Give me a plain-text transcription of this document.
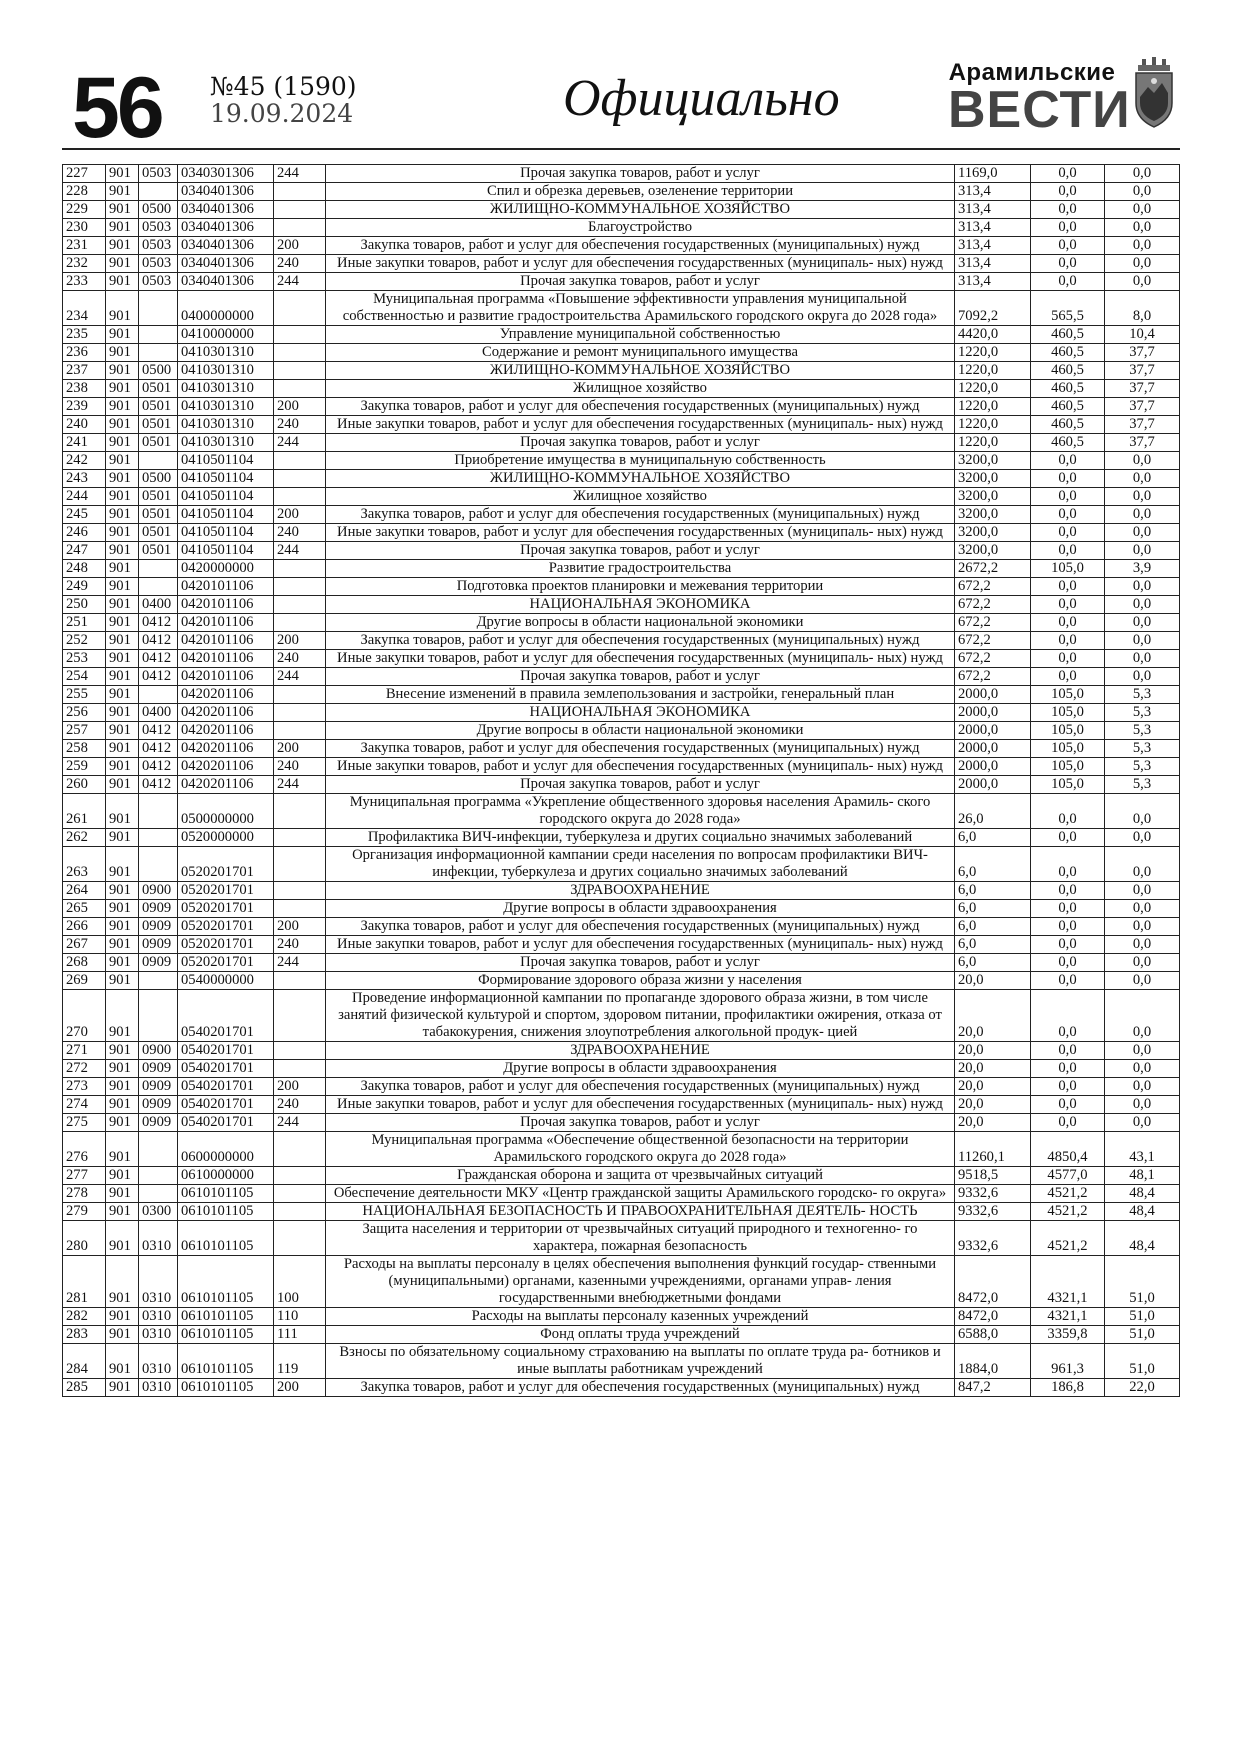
56 №45 (1590)
19.09.2024	Официально	Арамильские
ВЕСТИ
227	901	0503	0340301306	244	Прочая закупка товаров, работ и услуг	1169,0	0,0	0,0
228	901		0340401306		Спил и обрезка деревьев, озеленение территории	313,4	0,0	0,0
229	901	0500	0340401306		ЖИЛИЩНО-КОММУНАЛЬНОЕ ХОЗЯЙСТВО	313,4	0,0	0,0
230	901	0503	0340401306		Благоустройство	313,4	0,0	0,0
231	901	0503	0340401306	200	Закупка товаров, работ и услуг для обеспечения государственных (муниципальных) нужд	313,4	0,0	0,0
232	901	0503	0340401306	240	Иные закупки товаров, работ и услуг для обеспечения государственных (муниципаль- ных) нужд	313,4	0,0	0,0
233	901	0503	0340401306	244	Прочая закупка товаров, работ и услуг	313,4	0,0	0,0
234	901		0400000000		Муниципальная программа «Повышение эффективности управления муниципальной собственностью и развитие градостроительства Арамильского городского округа до 2028 года»	7092,2	565,5	8,0
235	901		0410000000		Управление муниципальной собственностью	4420,0	460,5	10,4
236	901		0410301310		Содержание и ремонт муниципального имущества	1220,0	460,5	37,7
237	901	0500	0410301310		ЖИЛИЩНО-КОММУНАЛЬНОЕ ХОЗЯЙСТВО	1220,0	460,5	37,7
238	901	0501	0410301310		Жилищное хозяйство	1220,0	460,5	37,7
239	901	0501	0410301310	200	Закупка товаров, работ и услуг для обеспечения государственных (муниципальных) нужд	1220,0	460,5	37,7
240	901	0501	0410301310	240	Иные закупки товаров, работ и услуг для обеспечения государственных (муниципаль- ных) нужд	1220,0	460,5	37,7
241	901	0501	0410301310	244	Прочая закупка товаров, работ и услуг	1220,0	460,5	37,7
242	901		0410501104		Приобретение имущества в муниципальную собственность	3200,0	0,0	0,0
243	901	0500	0410501104		ЖИЛИЩНО-КОММУНАЛЬНОЕ ХОЗЯЙСТВО	3200,0	0,0	0,0
244	901	0501	0410501104		Жилищное хозяйство	3200,0	0,0	0,0
245	901	0501	0410501104	200	Закупка товаров, работ и услуг для обеспечения государственных (муниципальных) нужд	3200,0	0,0	0,0
246	901	0501	0410501104	240	Иные закупки товаров, работ и услуг для обеспечения государственных (муниципаль- ных) нужд	3200,0	0,0	0,0
247	901	0501	0410501104	244	Прочая закупка товаров, работ и услуг	3200,0	0,0	0,0
248	901		0420000000		Развитие градостроительства	2672,2	105,0	3,9
249	901		0420101106		Подготовка проектов планировки и межевания территории	672,2	0,0	0,0
250	901	0400	0420101106		НАЦИОНАЛЬНАЯ ЭКОНОМИКА	672,2	0,0	0,0
251	901	0412	0420101106		Другие вопросы в области национальной экономики	672,2	0,0	0,0
252	901	0412	0420101106	200	Закупка товаров, работ и услуг для обеспечения государственных (муниципальных) нужд	672,2	0,0	0,0
253	901	0412	0420101106	240	Иные закупки товаров, работ и услуг для обеспечения государственных (муниципаль- ных) нужд	672,2	0,0	0,0
254	901	0412	0420101106	244	Прочая закупка товаров, работ и услуг	672,2	0,0	0,0
255	901		0420201106		Внесение изменений в правила землепользования и застройки, генеральный план	2000,0	105,0	5,3
256	901	0400	0420201106		НАЦИОНАЛЬНАЯ ЭКОНОМИКА	2000,0	105,0	5,3
257	901	0412	0420201106		Другие вопросы в области национальной экономики	2000,0	105,0	5,3
258	901	0412	0420201106	200	Закупка товаров, работ и услуг для обеспечения государственных (муниципальных) нужд	2000,0	105,0	5,3
259	901	0412	0420201106	240	Иные закупки товаров, работ и услуг для обеспечения государственных (муниципаль- ных) нужд	2000,0	105,0	5,3
260	901	0412	0420201106	244	Прочая закупка товаров, работ и услуг	2000,0	105,0	5,3
261	901		0500000000		Муниципальная программа «Укрепление общественного здоровья населения Арамиль- ского городского округа до 2028 года»	26,0	0,0	0,0
262	901		0520000000		Профилактика ВИЧ-инфекции, туберкулеза и других социально значимых заболеваний	6,0	0,0	0,0
263	901		0520201701		Организация информационной кампании среди населения по вопросам профилактики ВИЧ-инфекции, туберкулеза и других социально значимых заболеваний	6,0	0,0	0,0
264	901	0900	0520201701		ЗДРАВООХРАНЕНИЕ	6,0	0,0	0,0
265	901	0909	0520201701		Другие вопросы в области здравоохранения	6,0	0,0	0,0
266	901	0909	0520201701	200	Закупка товаров, работ и услуг для обеспечения государственных (муниципальных) нужд	6,0	0,0	0,0
267	901	0909	0520201701	240	Иные закупки товаров, работ и услуг для обеспечения государственных (муниципаль- ных) нужд	6,0	0,0	0,0
268	901	0909	0520201701	244	Прочая закупка товаров, работ и услуг	6,0	0,0	0,0
269	901		0540000000		Формирование здорового образа жизни у населения	20,0	0,0	0,0
270	901		0540201701		Проведение информационной кампании по пропаганде здорового образа жизни, в том числе занятий физической культурой и спортом, здоровом питании, профилактики ожирения, отказа от табакокурения, снижения злоупотребления алкогольной продук- цией	20,0	0,0	0,0
271	901	0900	0540201701		ЗДРАВООХРАНЕНИЕ	20,0	0,0	0,0
272	901	0909	0540201701		Другие вопросы в области здравоохранения	20,0	0,0	0,0
273	901	0909	0540201701	200	Закупка товаров, работ и услуг для обеспечения государственных (муниципальных) нужд	20,0	0,0	0,0
274	901	0909	0540201701	240	Иные закупки товаров, работ и услуг для обеспечения государственных (муниципаль- ных) нужд	20,0	0,0	0,0
275	901	0909	0540201701	244	Прочая закупка товаров, работ и услуг	20,0	0,0	0,0
276	901		0600000000		Муниципальная программа «Обеспечение общественной безопасности на территории Арамильского городского округа до 2028 года»	11260,1	4850,4	43,1
277	901		0610000000		Гражданская оборона и защита от чрезвычайных ситуаций	9518,5	4577,0	48,1
278	901		0610101105		Обеспечение деятельности МКУ «Центр гражданской защиты Арамильского городско- го округа»	9332,6	4521,2	48,4
279	901	0300	0610101105		НАЦИОНАЛЬНАЯ БЕЗОПАСНОСТЬ И ПРАВООХРАНИТЕЛЬНАЯ ДЕЯТЕЛЬ- НОСТЬ	9332,6	4521,2	48,4
280	901	0310	0610101105		Защита населения и территории от чрезвычайных ситуаций природного и техногенно- го характера, пожарная безопасность	9332,6	4521,2	48,4
281	901	0310	0610101105	100	Расходы на выплаты персоналу в целях обеспечения выполнения функций государ- ственными (муниципальными) органами, казенными учреждениями, органами управ- ления государственными внебюджетными фондами	8472,0	4321,1	51,0
282	901	0310	0610101105	110	Расходы на выплаты персоналу казенных учреждений	8472,0	4321,1	51,0
283	901	0310	0610101105	111	Фонд оплаты труда учреждений	6588,0	3359,8	51,0
284	901	0310	0610101105	119	Взносы по обязательному социальному страхованию на выплаты по оплате труда ра- ботников и иные выплаты работникам учреждений	1884,0	961,3	51,0
285	901	0310	0610101105	200	Закупка товаров, работ и услуг для обеспечения государственных (муниципальных) нужд	847,2	186,8	22,0
